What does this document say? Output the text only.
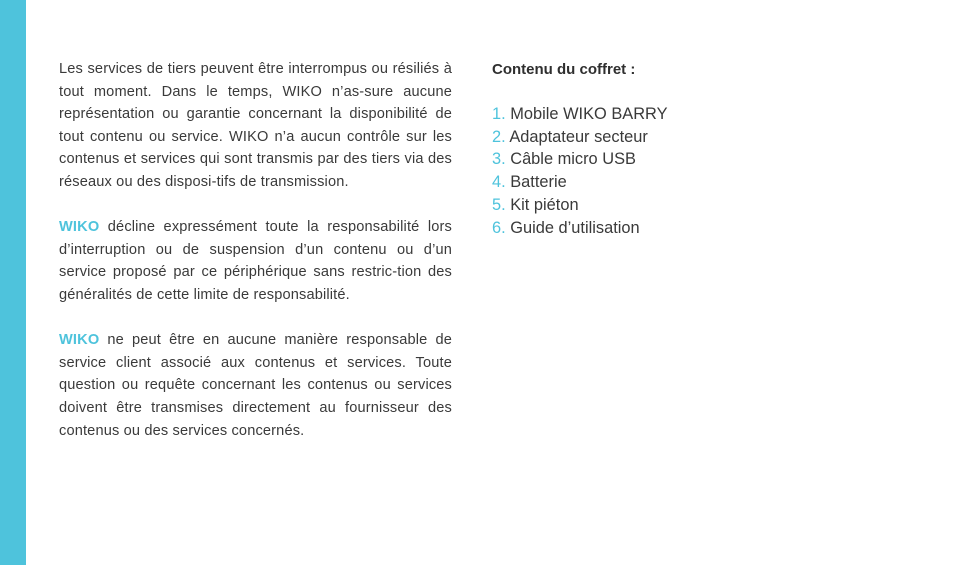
Les services de tiers peuvent être interrompus ou résiliés à tout moment. Dans le temps, WIKO n’as-sure aucune représentation ou garantie concernant la disponibilité de tout contenu ou service. WIKO n’a aucun contrôle sur les contenus et services qui sont transmis par des tiers via des réseaux ou des disposi-tifs de transmission.

WIKO décline expressément toute la responsabilité lors d’interruption ou de suspension d’un contenu ou d’un service proposé par ce périphérique sans restric-tion des généralités de cette limite de responsabilité.

WIKO ne peut être en aucune manière responsable de service client associé aux contenus et services. Toute question ou requête concernant les contenus ou services doivent être transmises directement au fournisseur des contenus ou des services concernés.

Contenu du coffret :
1. Mobile WIKO BARRY
2. Adaptateur secteur
3. Câble micro USB
4. Batterie
5. Kit piéton
6. Guide d’utilisation
